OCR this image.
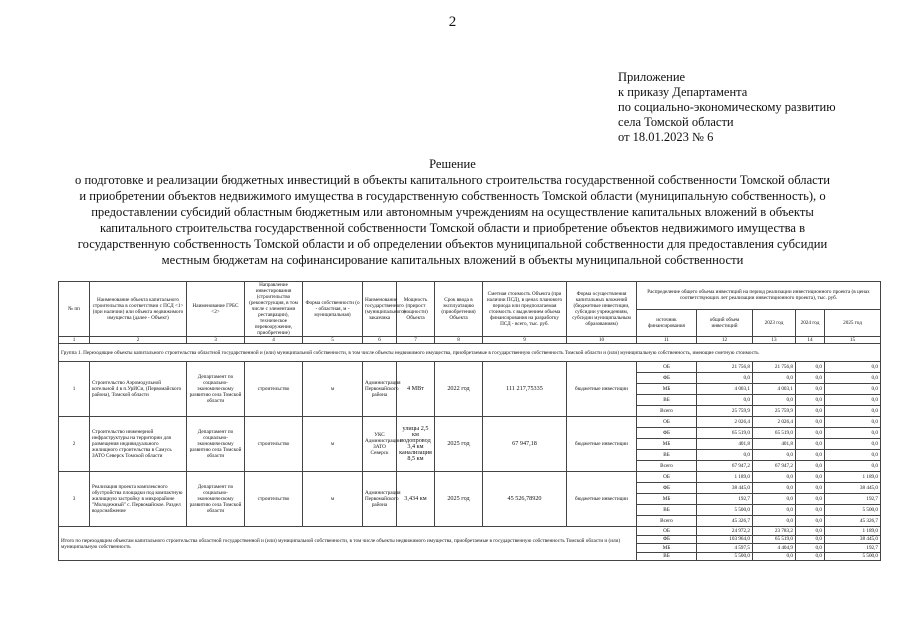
2
Приложение
к приказу Департамента
по социально-экономическому развитию
села Томской области
от 18.01.2023 № 6
Решение
о подготовке и реализации бюджетных инвестиций в объекты капитального строительства государственной собственности Томской области
и приобретении объектов недвижимого имущества в государственную собственность Томской области (муниципальную собственность), о
предоставлении субсидий областным бюджетным или автономным учреждениям на осуществление капитальных вложений в объекты
капитального строительства государственной собственности Томской области и приобретение объектов недвижимого имущества в
государственную собственность Томской области и об определении объектов муниципальной собственности для предоставления субсидии
местным бюджетам на софинансирование капитальных вложений в объекты муниципальной собственности
№ пп	Наименование объекта капитального строительства в соответствии с ПСД <1> (при наличии) или объекта недвижимого имущества (далее - Объект)	Наименование ГРБС <2>	Направление инвестирования (строительство (реконструкция, в том числе с элементами реставрации), техническое перевооружение, приобретение)	Форма собственности (о - областная, м - муниципальная)	Наименование государственного (муниципального) заказчика	Мощность (прирост мощности) Объекта	Срок ввода в эксплуатацию (приобретения) Объекта	Сметная стоимость Объекта (при наличии ПСД), в ценах планового периода или предполагаемая стоимость с выделением объема финансирования на разработку ПСД - всего, тыс. руб.	Форма осуществления капитальных вложений (бюджетные инвестиции, субсидии учреждениям, субсидии муниципальным образованиям)	Распределение общего объема инвестиций на период реализации инвестиционного проекта (в ценах соответствующих лет реализации инвестиционного проекта), тыс. руб.				
										источник финансирования	общий объем инвестиций	2023 год	2024 год	2025 год
1	2	3	4	5	6	7	8	9	10	11	12	13	14	15
Группа 1. Переходящие объекты капитального строительства областной государственной и (или) муниципальной собственности, в том числе объекты недвижимого имущества, приобретаемые в государственную собственность Томской области и (или) муниципальную собственность, имеющие сметную стоимость														
1	Строительство Аэромодульной котельной 4 в п.УрИСи, (Первомайского района), Томской области	Департамент по социально-экономическому развитию села Томской области	строительство	м	Администрация Первомайского района	4 МВт	2022 год	111 217,75335	бюджетные инвестиции	ОБ	21 756,8	21 756,8	0,0	0,0
										ФБ	0,0	0,0	0,0	0,0
										МБ	4 003,1	4 003,1	0,0	0,0
										ВБ	0,0	0,0	0,0	0,0
										Всего	25 759,9	25 759,9	0,0	0,0
2	Строительство инженерной инфраструктуры на территории для размещения индивидуального жилищного строительства в Самусь ЗАТО Северск Томской области	Департамент по социально-экономическому развитию села Томской области	строительство	м	УКС Администрации ЗАТО Северск	улицы 2,5 км водопровод 3,4 км канализация 8,5 км	2025 год	67 947,18	бюджетные инвестиции	ОБ	2 026,4	2 026,4	0,0	0,0
										ФБ	65 519,0	65 519,0	0,0	0,0
										МБ	401,8	401,8	0,0	0,0
										ВБ	0,0	0,0	0,0	0,0
										Всего	67 947,2	67 947,2	0,0	0,0
3	Реализация проекта комплексного обустройства площадки под компактную жилищную застройку в микрорайоне "Молодежный" с. Первомайское. Раздел водоснабжение	Департамент по социально-экономическому развитию села Томской области	строительство	м	Администрация Первомайского района	3,434 км	2025 год	45 526,78920	бюджетные инвестиции	ОБ	1 189,0	0,0	0,0	1 189,0
										ФБ	38 445,0	0,0	0,0	38 445,0
										МБ	192,7	0,0	0,0	192,7
										ВБ	5 500,0	0,0	0,0	5 500,0
										Всего	45 326,7	0,0	0,0	45 326,7
Итого по переходящим объектам капитального строительства областной государственной и (или) муниципальной собственности, в том числе объекты недвижимого имущества, приобретаемые в государственную собственность Томской области и (или) муниципальную собственность										ОБ	24 972,2	23 783,2	0,0	1 189,0
										ФБ	103 964,0	65 519,0	0,0	38 445,0
										МБ	4 597,5	4 404,9	0,0	192,7
										ВБ	5 500,0	0,0	0,0	5 500,0
